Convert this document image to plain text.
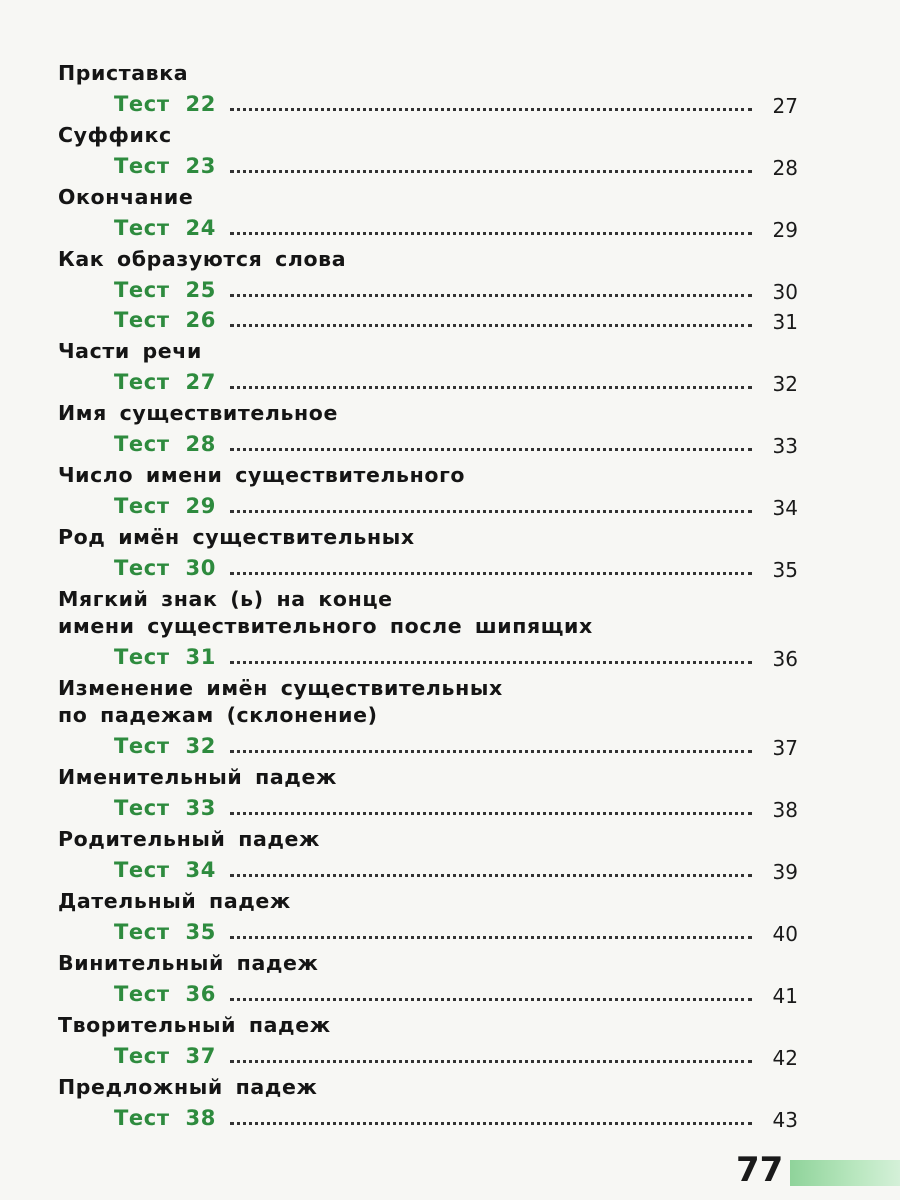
Приставка
Тест 22	27
Суффикс
Тест 23	28
Окончание
Тест 24	29
Как образуются слова
Тест 25	30
Тест 26	31
Части речи
Тест 27	32
Имя существительное
Тест 28	33
Число имени существительного
Тест 29	34
Род имён существительных
Тест 30	35
Мягкий знак (ь) на конце
имени существительного после шипящих
Тест 31	36
Изменение имён существительных
по падежам (склонение)
Тест 32	37
Именительный падеж
Тест 33	38
Родительный падеж
Тест 34	39
Дательный падеж
Тест 35	40
Винительный падеж
Тест 36	41
Творительный падеж
Тест 37	42
Предложный падеж
Тест 38	43
77
